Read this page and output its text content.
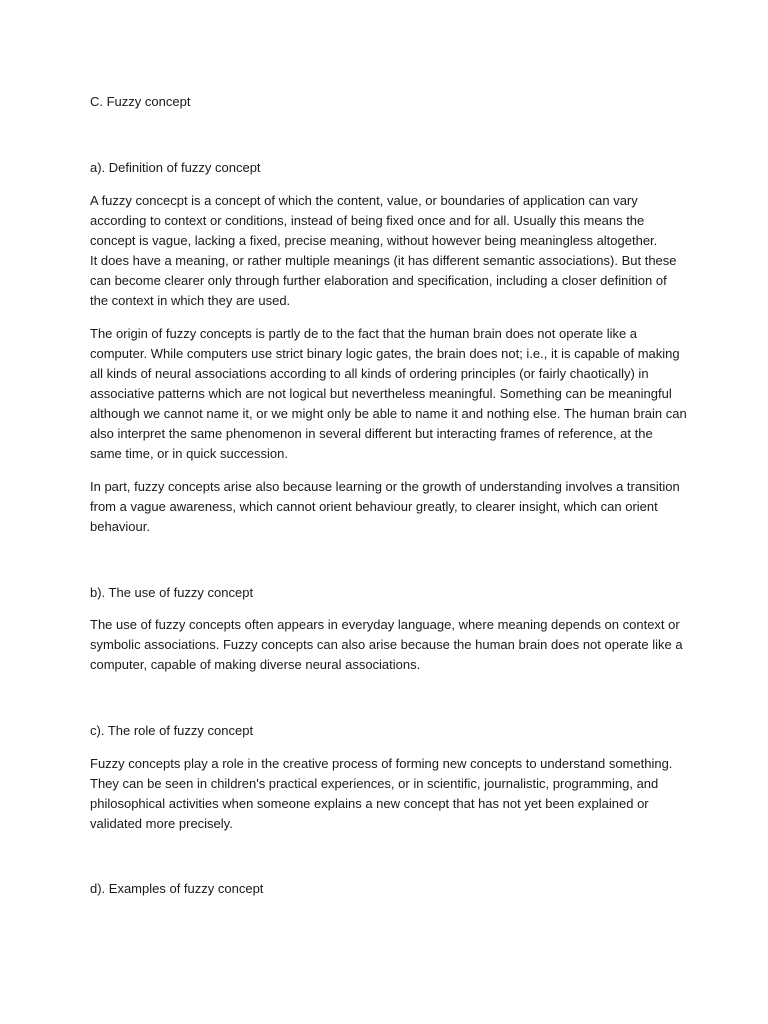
C. Fuzzy concept
a). Definition of fuzzy concept
A fuzzy concecpt is a concept of which the content, value, or boundaries of application can vary
according to context or conditions, instead of being fixed once and for all. Usually this means the
concept is vague, lacking a fixed, precise meaning, without however being meaningless altogether.
It does have a meaning, or rather multiple meanings (it has different semantic associations). But these
can become clearer only through further elaboration and specification, including a closer definition of
the context in which they are used.
The origin of fuzzy concepts is partly de to the fact that the human brain does not operate like a
computer. While computers use strict binary logic gates, the brain does not; i.e., it is capable of making
all kinds of neural associations according to all kinds of ordering principles (or fairly chaotically) in
associative patterns which are not logical but nevertheless meaningful. Something can be meaningful
although we cannot name it, or we might only be able to name it and nothing else. The human brain can
also interpret the same phenomenon in several different but interacting frames of reference, at the
same time, or in quick succession.
In part, fuzzy concepts arise also because learning or the growth of understanding involves a transition
from a vague awareness, which cannot orient behaviour greatly, to clearer insight, which can orient
behaviour.
b). The use of fuzzy concept
The use of fuzzy concepts often appears in everyday language, where meaning depends on context or
symbolic associations. Fuzzy concepts can also arise because the human brain does not operate like a
computer, capable of making diverse neural associations.
c). The role of fuzzy concept
Fuzzy concepts play a role in the creative process of forming new concepts to understand something.
They can be seen in children's practical experiences, or in scientific, journalistic, programming, and
philosophical activities when someone explains a new concept that has not yet been explained or
validated more precisely.
d). Examples of fuzzy concept
